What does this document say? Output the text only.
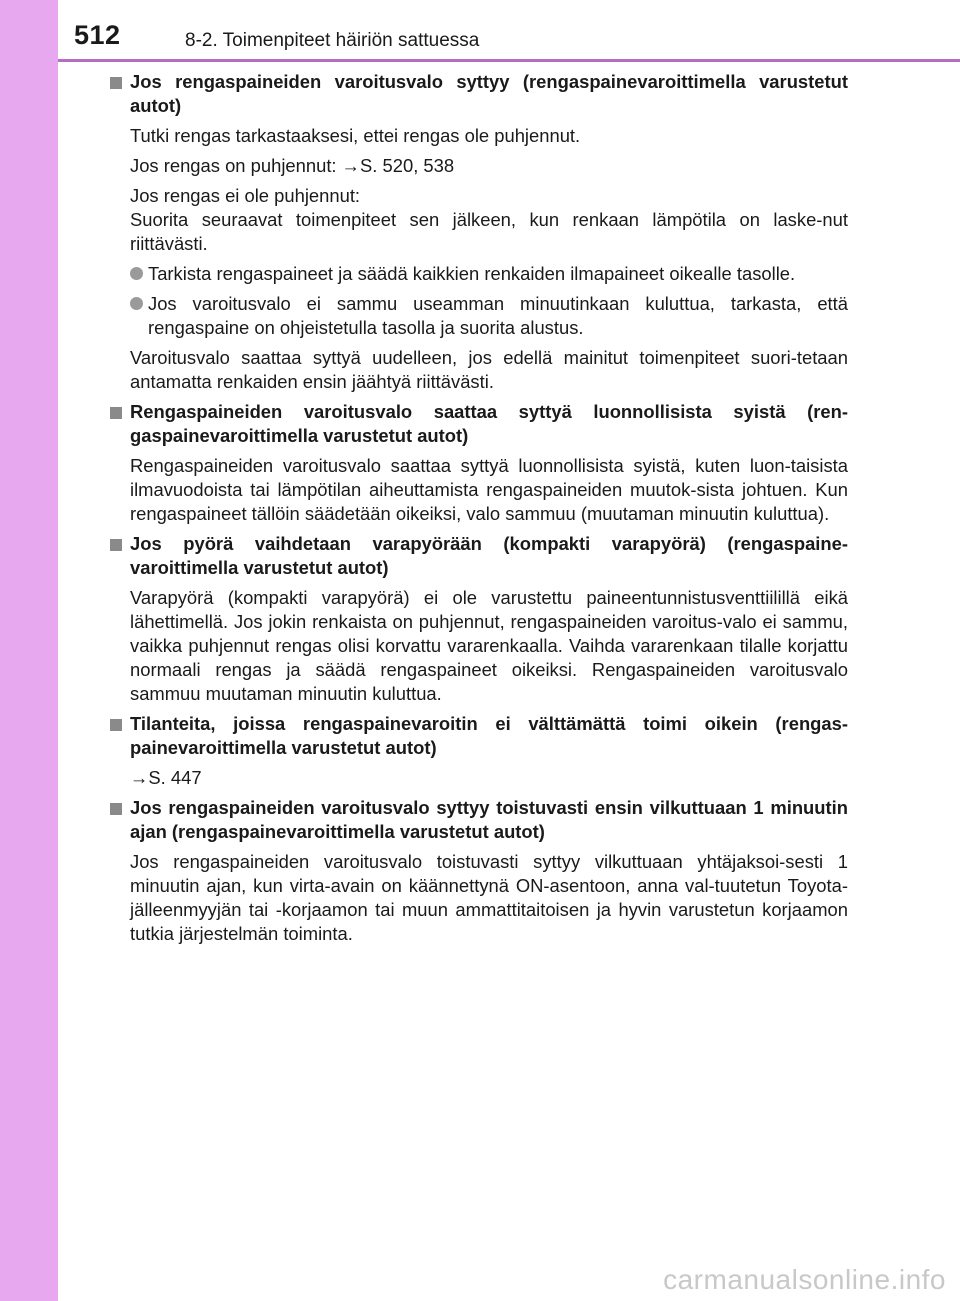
512	8-2. Toimenpiteet häiriön sattuessa
Jos rengaspaineiden varoitusvalo syttyy (rengaspainevaroittimella varustetut autot)
Tutki rengas tarkastaaksesi, ettei rengas ole puhjennut.
Jos rengas on puhjennut: →S. 520, 538
Jos rengas ei ole puhjennut:
Suorita seuraavat toimenpiteet sen jälkeen, kun renkaan lämpötila on laske-nut riittävästi.
Tarkista rengaspaineet ja säädä kaikkien renkaiden ilmapaineet oikealle tasolle.
Jos varoitusvalo ei sammu useamman minuutinkaan kuluttua, tarkasta, että rengaspaine on ohjeistetulla tasolla ja suorita alustus.
Varoitusvalo saattaa syttyä uudelleen, jos edellä mainitut toimenpiteet suori-tetaan antamatta renkaiden ensin jäähtyä riittävästi.
Rengaspaineiden varoitusvalo saattaa syttyä luonnollisista syistä (ren-gaspainevaroittimella varustetut autot)
Rengaspaineiden varoitusvalo saattaa syttyä luonnollisista syistä, kuten luon-taisista ilmavuodoista tai lämpötilan aiheuttamista rengaspaineiden muutok-sista johtuen. Kun rengaspaineet tällöin säädetään oikeiksi, valo sammuu (muutaman minuutin kuluttua).
Jos pyörä vaihdetaan varapyörään (kompakti varapyörä) (rengaspaine-varoittimella varustetut autot)
Varapyörä (kompakti varapyörä) ei ole varustettu paineentunnistusventtiilillä eikä lähettimellä. Jos jokin renkaista on puhjennut, rengaspaineiden varoitus-valo ei sammu, vaikka puhjennut rengas olisi korvattu vararenkaalla. Vaihda vararenkaan tilalle korjattu normaali rengas ja säädä rengaspaineet oikeiksi. Rengaspaineiden varoitusvalo sammuu muutaman minuutin kuluttua.
Tilanteita, joissa rengaspainevaroitin ei välttämättä toimi oikein (rengas-painevaroittimella varustetut autot)
→S. 447
Jos rengaspaineiden varoitusvalo syttyy toistuvasti ensin vilkuttuaan 1 minuutin ajan (rengaspainevaroittimella varustetut autot)
Jos rengaspaineiden varoitusvalo toistuvasti syttyy vilkuttuaan yhtäjaksoi-sesti 1 minuutin ajan, kun virta-avain on käännettynä ON-asentoon, anna val-tuutetun Toyota-jälleenmyyjän tai -korjaamon tai muun ammattitaitoisen ja hyvin varustetun korjaamon tutkia järjestelmän toiminta.
carmanualsonline.info
